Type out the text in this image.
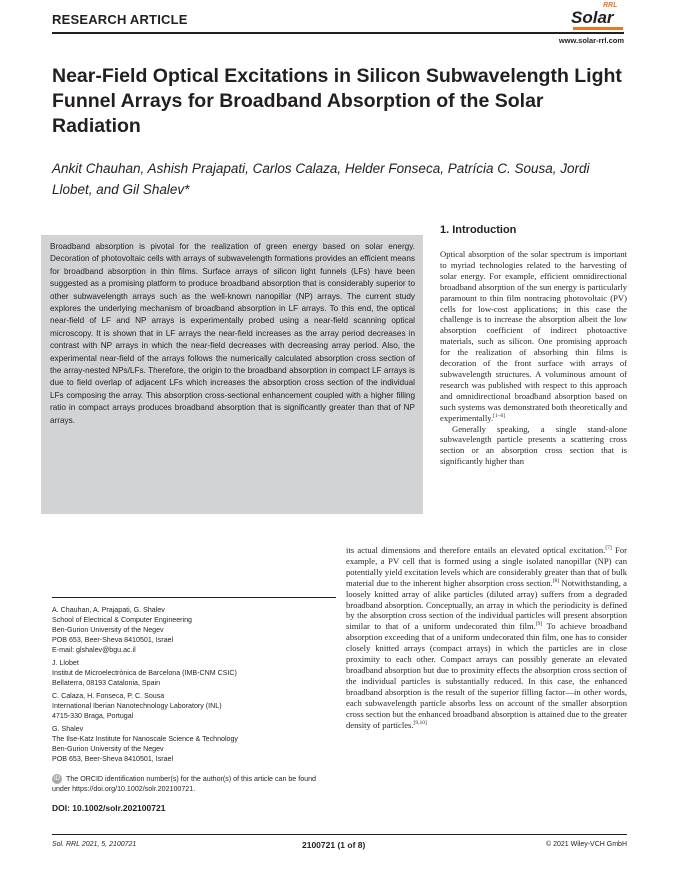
RESEARCH ARTICLE	Solar
RRL
www.solar-rrl.com
Near-Field Optical Excitations in Silicon Subwavelength Light Funnel Arrays for Broadband Absorption of the Solar Radiation
Ankit Chauhan, Ashish Prajapati, Carlos Calaza, Helder Fonseca, Patrícia C. Sousa, Jordi Llobet, and Gil Shalev*
Broadband absorption is pivotal for the realization of green energy based on solar energy. Decoration of photovoltaic cells with arrays of subwavelength formations provides an efficient means for broadband absorption in thin films. Surface arrays of silicon light funnels (LFs) have been suggested as a promising platform to produce broadband absorption that is considerably superior to other subwavelength arrays such as the well-known nanopillar (NP) arrays. The current study explores the underlying mechanism of broadband absorption in LF arrays. To this end, the optical near-field of LF and NP arrays is experimentally probed using a near-field scanning optical microscopy. It is shown that in LF arrays the near-field increases as the array period decreases in contrast with NP arrays in which the near-field decreases with decreasing array period. Also, the experimental near-field of the arrays follows the numerically calculated absorption cross section of the array-nested NPs/LFs. Therefore, the origin to the broadband absorption in compact LF arrays is due to field overlap of adjacent LFs which increases the absorption cross section of the individual LFs composing the array. This absorption cross-sectional enhancement coupled with a higher filling ratio in compact arrays produces broadband absorption that is significantly greater than that of NP arrays.
1. Introduction
Optical absorption of the solar spectrum is important to myriad technologies related to the harvesting of solar energy. For example, efficient omnidirectional broadband absorption of the sun energy is particularly paramount to thin film nontracing photovoltaic (PV) cells for low-cost applications; in this case the challenge is to increase the absorption albeit the low absorption coefficient of indirect photoactive materials, such as silicon. One promising approach for the realization of absorbing thin films is decoration of the front surface with arrays of subwavelength structures. A voluminous amount of research was published with respect to this approach and omnidirectional broadband absorption based on such systems was demonstrated both theoretically and experimentally.[1–6]
Generally speaking, a single stand-alone subwavelength particle presents a scattering cross section or an absorption cross section that is significantly higher than
its actual dimensions and therefore entails an elevated optical excitation.[7] For example, a PV cell that is formed using a single isolated nanopillar (NP) can potentially yield excitation levels which are considerably greater than that of bulk material due to the inherent higher absorption cross section.[8] Notwithstanding, a loosely knitted array of alike particles (diluted array) suffers from a degraded broadband absorption. Conceptually, an array in which the periodicity is defined by the absorption cross section of the individual particles will present absorption similar to that of a uniform undecorated thin film.[9] To achieve broadband absorption exceeding that of a uniform undecorated thin film, one has to consider closely knitted arrays (compact arrays) in which the particles are in close proximity to each other. Compact arrays can possibly generate an elevated broadband absorption but due to proximity effects the absorption cross section of the individual particles is substantially reduced. In this case, the enhanced broadband absorption is the result of the superior filling factor—in other words, each subwavelength particle absorbs less on account of the smaller absorption cross section but the enhanced broadband absorption is attained due to the greater density of particles.[9,10]

A. Chauhan, A. Prajapati, G. Shalev
School of Electrical & Computer Engineering
Ben-Gurion University of the Negev
POB 653, Beer-Sheva 8410501, Israel
E-mail: glshalev@bgu.ac.il

J. Llobet
Institut de Microelectrònica de Barcelona (IMB-CNM CSIC)
Bellaterra, 08193 Catalonia, Spain

C. Calaza, H. Fonseca, P. C. Sousa
International Iberian Nanotechnology Laboratory (INL)
4715-330 Braga, Portugal

G. Shalev
The Ilse-Katz Institute for Nanoscale Science & Technology
Ben-Gurion University of the Negev
POB 653, Beer-Sheva 8410501, Israel

ID The ORCID identification number(s) for the author(s) of this article can be found under https://doi.org/10.1002/solr.202100721.
DOI: 10.1002/solr.202100721
Sol. RRL 2021, 5, 2100721	2100721 (1 of 8)	© 2021 Wiley-VCH GmbH
